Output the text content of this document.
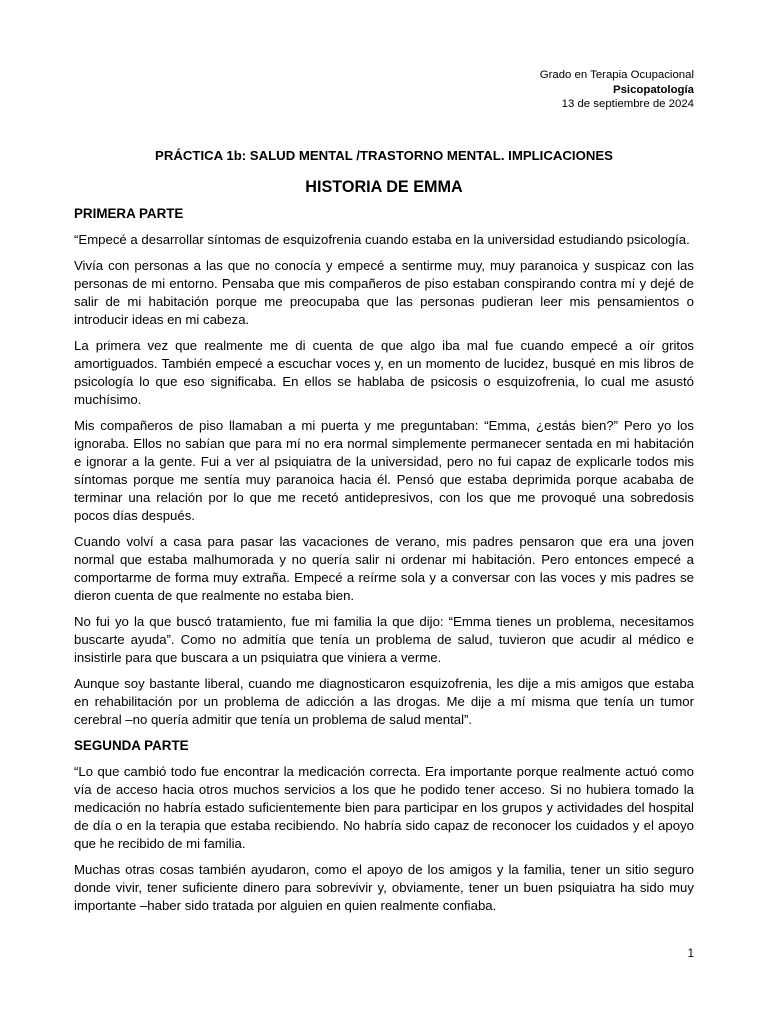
Grado en Terapia Ocupacional
Psicopatología
13 de septiembre de 2024
PRÁCTICA 1b: SALUD MENTAL /TRASTORNO MENTAL. IMPLICACIONES
HISTORIA DE EMMA
PRIMERA PARTE

“Empecé a desarrollar síntomas de esquizofrenia cuando estaba en la universidad estudiando psicología.

Vivía con personas a las que no conocía y empecé a sentirme muy, muy paranoica y suspicaz con las personas de mi entorno. Pensaba que mis compañeros de piso estaban conspirando contra mí y dejé de salir de mi habitación porque me preocupaba que las personas pudieran leer mis pensamientos o introducir ideas en mi cabeza.

La primera vez que realmente me di cuenta de que algo iba mal fue cuando empecé a oír gritos amortiguados. También empecé a escuchar voces y, en un momento de lucidez, busqué en mis libros de psicología lo que eso significaba. En ellos se hablaba de psicosis o esquizofrenia, lo cual me asustó muchísimo.

Mis compañeros de piso llamaban a mi puerta y me preguntaban: “Emma, ¿estás bien?” Pero yo los ignoraba. Ellos no sabían que para mí no era normal simplemente permanecer sentada en mi habitación e ignorar a la gente. Fui a ver al psiquiatra de la universidad, pero no fui capaz de explicarle todos mis síntomas porque me sentía muy paranoica hacia él. Pensó que estaba deprimida porque acababa de terminar una relación por lo que me recetó antidepresivos, con los que me provoqué una sobredosis pocos días después.

Cuando volví a casa para pasar las vacaciones de verano, mis padres pensaron que era una joven normal que estaba malhumorada y no quería salir ni ordenar mi habitación. Pero entonces empecé a comportarme de forma muy extraña. Empecé a reírme sola y a conversar con las voces y mis padres se dieron cuenta de que realmente no estaba bien.

No fui yo la que buscó tratamiento, fue mi familia la que dijo: “Emma tienes un problema, necesitamos buscarte ayuda”. Como no admitía que tenía un problema de salud, tuvieron que acudir al médico e insistirle para que buscara a un psiquiatra que viniera a verme.

Aunque soy bastante liberal, cuando me diagnosticaron esquizofrenia, les dije a mis amigos que estaba en rehabilitación por un problema de adicción a las drogas. Me dije a mí misma que tenía un tumor cerebral –no quería admitir que tenía un problema de salud mental”.

SEGUNDA PARTE

“Lo que cambió todo fue encontrar la medicación correcta. Era importante porque realmente actuó como vía de acceso hacia otros muchos servicios a los que he podido tener acceso. Si no hubiera tomado la medicación no habría estado suficientemente bien para participar en los grupos y actividades del hospital de día o en la terapia que estaba recibiendo. No habría sido capaz de reconocer los cuidados y el apoyo que he recibido de mi familia.

Muchas otras cosas también ayudaron, como el apoyo de los amigos y la familia, tener un sitio seguro donde vivir, tener suficiente dinero para sobrevivir y, obviamente, tener un buen psiquiatra ha sido muy importante –haber sido tratada por alguien en quien realmente confiaba.

1
